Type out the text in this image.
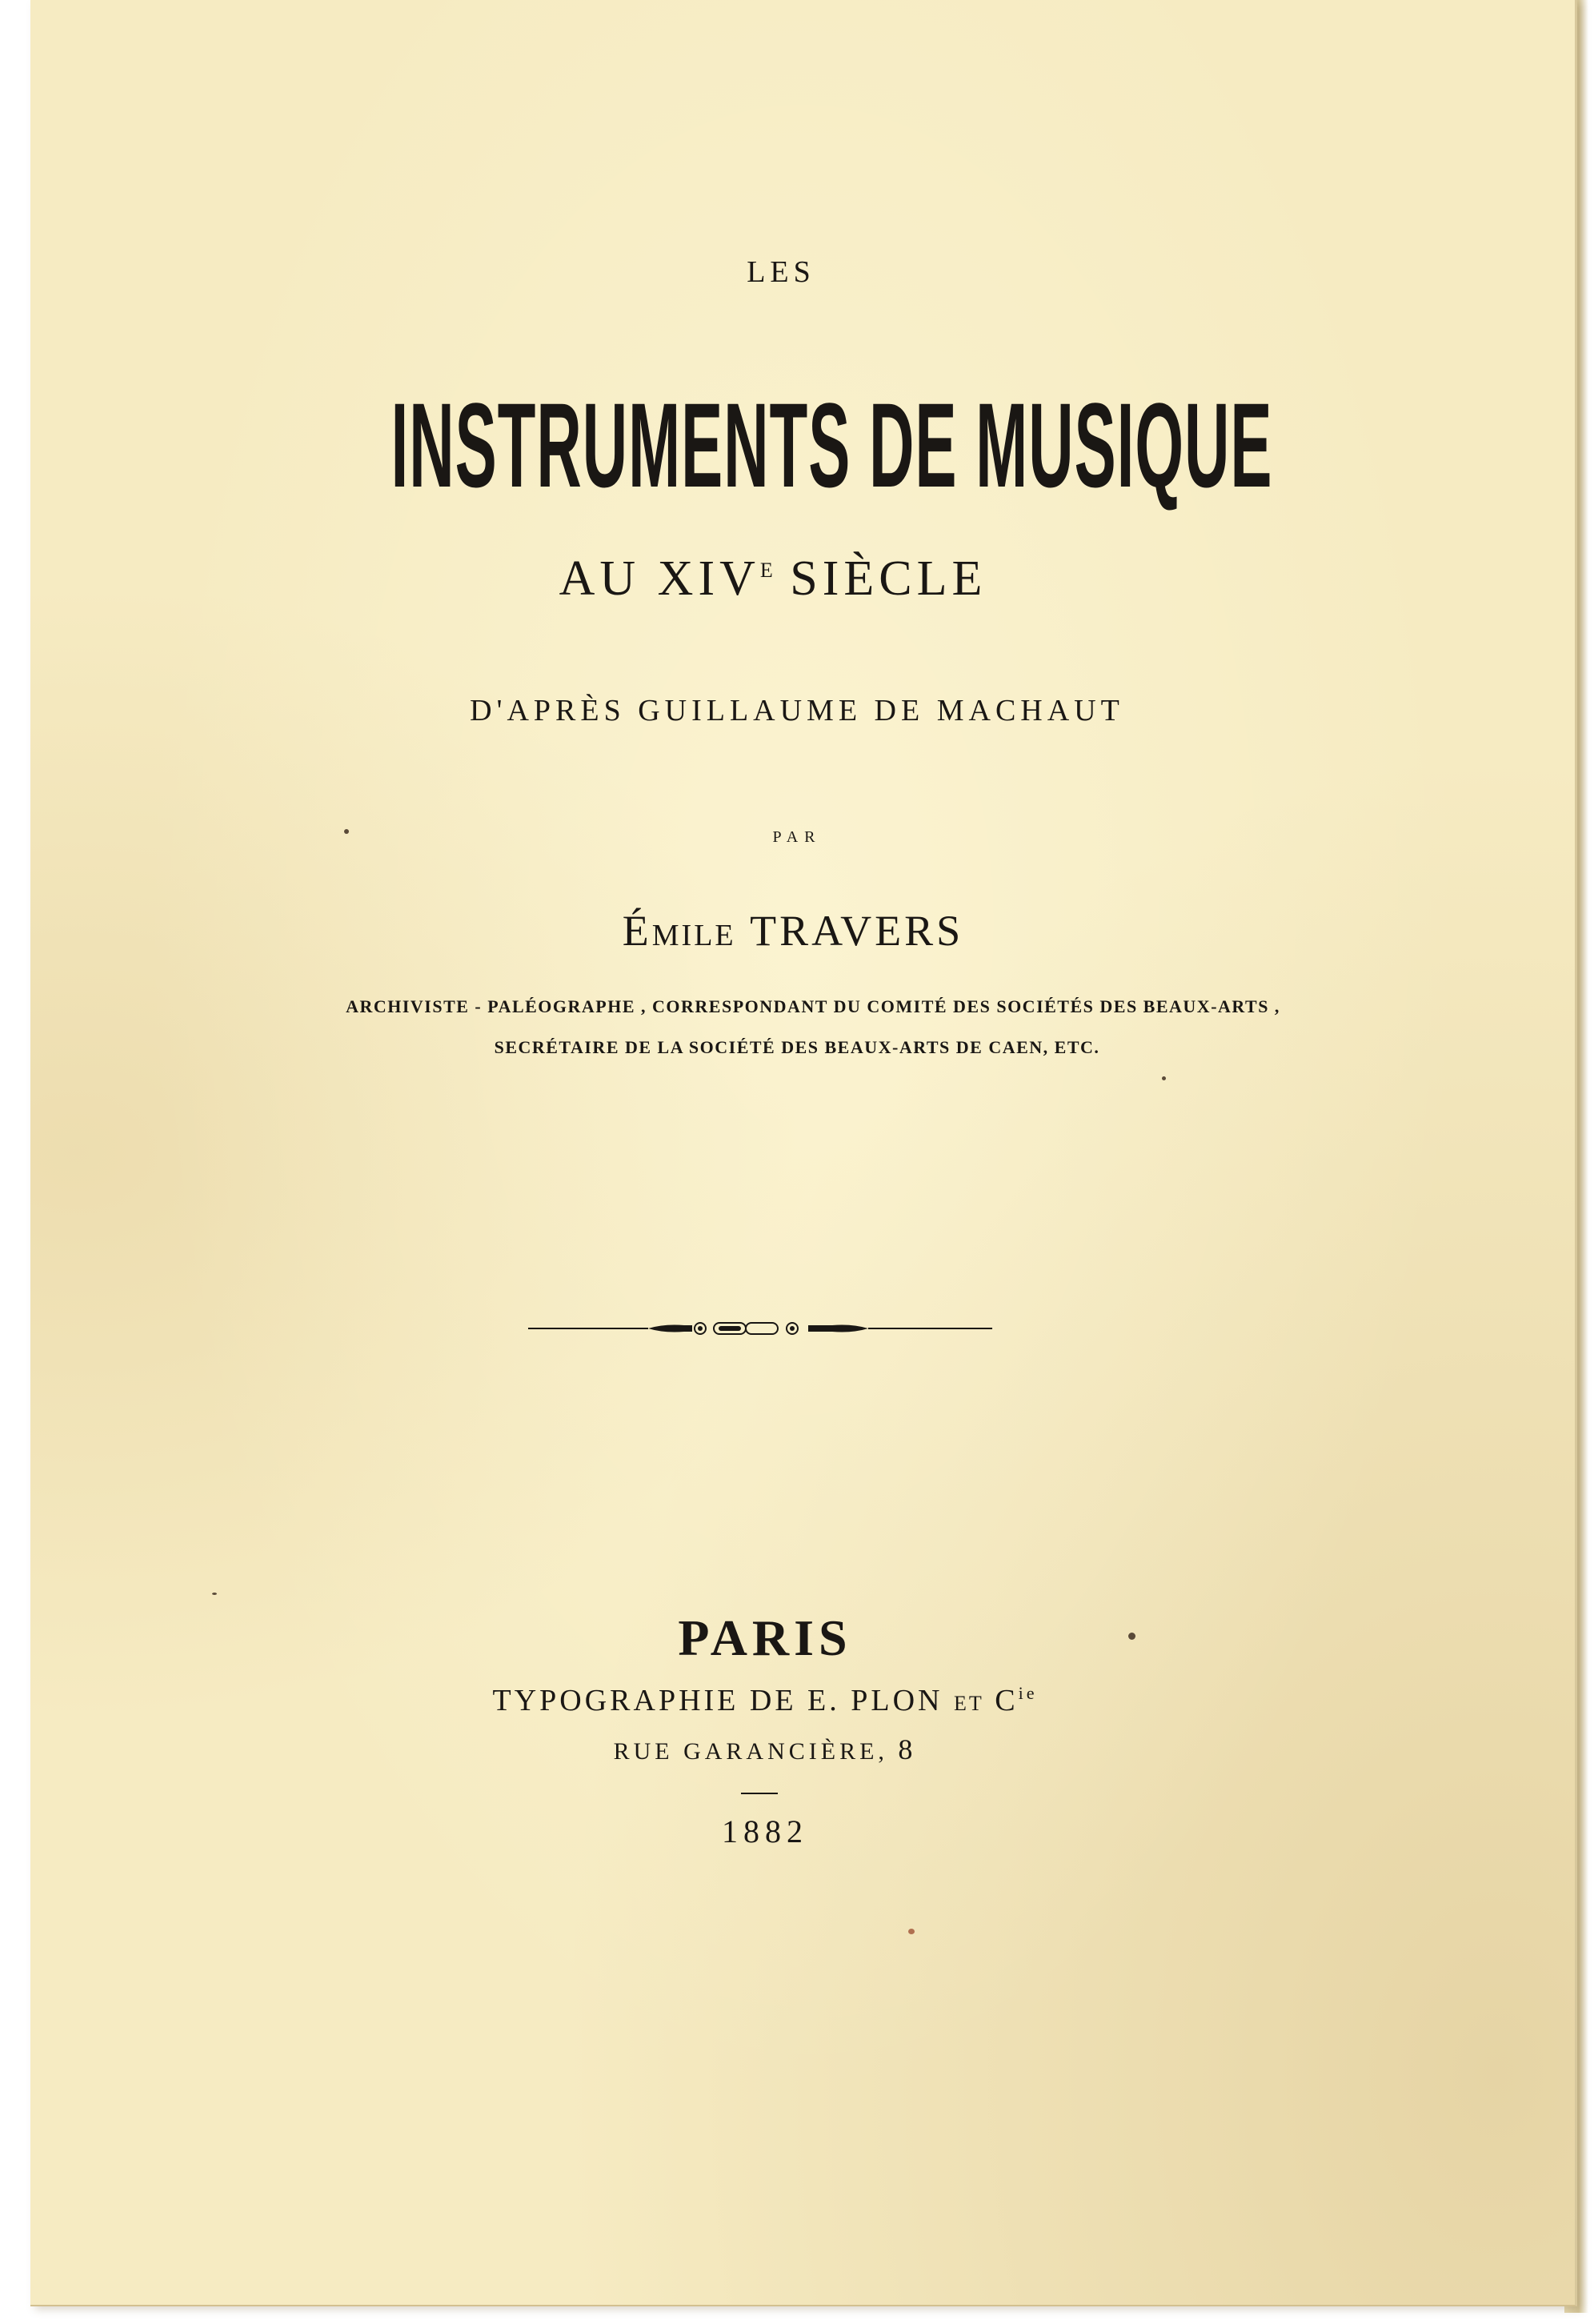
LES
INSTRUMENTS DE MUSIQUE
AU $XIV^E$ SIÈCLE
D'APRÈS GUILLAUME DE MACHAUT
PAR
ÉMILE TRAVERS
ARCHIVISTE - PALÉOGRAPHE , CORRESPONDANT DU COMITÉ DES SOCIÉTÉS DES BEAUX-ARTS ,
SECRÉTAIRE DE LA SOCIÉTÉ DES BEAUX-ARTS DE CAEN, ETC.
PARIS
TYPOGRAPHIE DE E. PLON ET $C^{ie}$
RUE GARANCIÈRE, 8
1882
